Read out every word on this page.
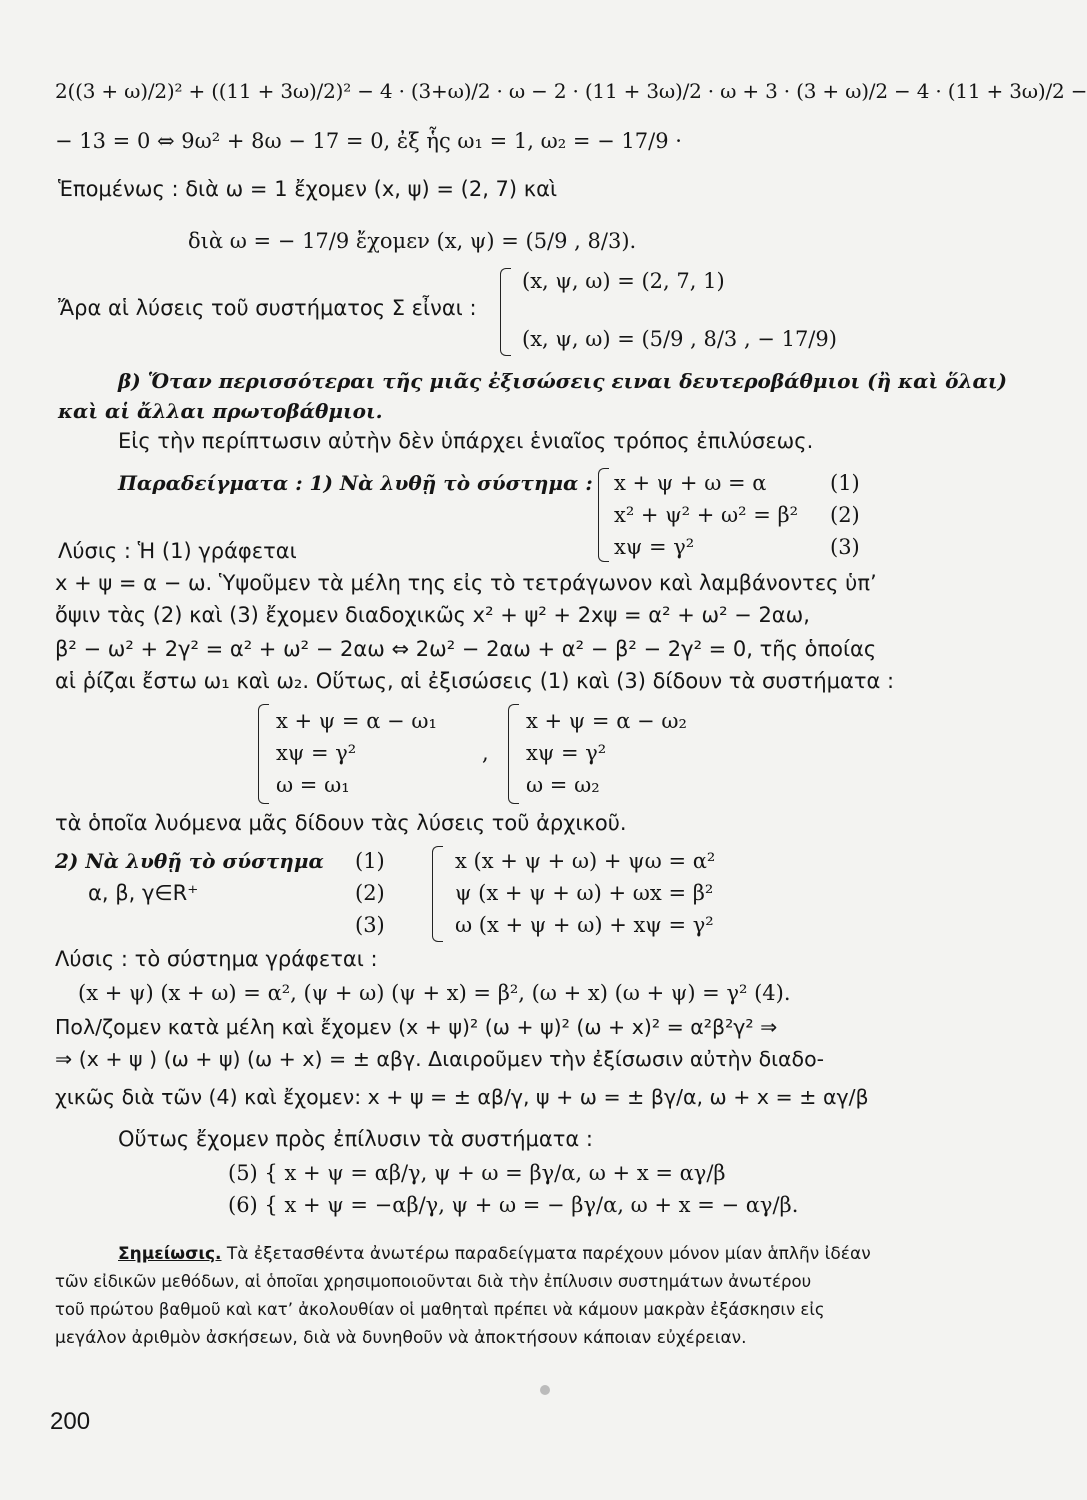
2((3 + ω)/2)² + ((11 + 3ω)/2)² − 4 · (3+ω)/2 · ω − 2 · (11 + 3ω)/2 · ω + 3 · (3 + ω)/2 − 4 · (11 + 3ω)/2 −
− 13 = 0 ⇔ 9ω² + 8ω − 17 = 0, ἐξ ἧς ω₁ = 1, ω₂ = − 17/9 ·
Ἑπομένως : διὰ ω = 1 ἔχομεν (x, ψ) = (2, 7) καὶ
διὰ ω = − 17/9 ἔχομεν (x, ψ) = (5/9 , 8/3).
Ἄρα αἱ λύσεις τοῦ συστήματος Σ εἶναι :
(x, ψ, ω) = (2, 7, 1)
(x, ψ, ω) = (5/9 , 8/3 , − 17/9)
β) Ὅταν περισσότεραι τῆς μιᾶς ἐξισώσεις ειναι δευτεροβάθμιοι (ἢ καὶ ὅλαι)
καὶ αἱ ἄλλαι πρωτοβάθμιοι.
Εἰς τὴν περίπτωσιν αὐτὴν δὲν ὑπάρχει ἑνιαῖος τρόπος ἐπιλύσεως.
Παραδείγματα : 1) Νὰ λυθῇ τὸ σύστημα : x + ψ + ω = α
x² + ψ² + ω² = β²
xψ = γ²
(1)
(2)
(3)
Λύσις : Ἡ (1) γράφεται
x + ψ = α − ω. Ὑψοῦμεν τὰ μέλη της εἰς τὸ τετράγωνον καὶ λαμβάνοντες ὑπ’
ὄψιν τὰς (2) καὶ (3) ἔχομεν διαδοχικῶς x² + ψ² + 2xψ = α² + ω² − 2αω,
β² − ω² + 2γ² = α² + ω² − 2αω ⇔ 2ω² − 2αω + α² − β² − 2γ² = 0, τῆς ὁποίας
αἱ ῥίζαι ἔστω ω₁ καὶ ω₂. Οὕτως, αἱ ἐξισώσεις (1) καὶ (3) δίδουν τὰ συστήματα :
x + ψ = α − ω₁
xψ = γ²
ω = ω₁
,
x + ψ = α − ω₂
xψ = γ²
ω = ω₂
τὰ ὁποῖα λυόμενα μᾶς δίδουν τὰς λύσεις τοῦ ἀρχικοῦ.
2) Νὰ λυθῇ τὸ σύστημα
α, β, γ∈R⁺
(1)
(2)
(3)
x (x + ψ + ω) + ψω = α²
ψ (x + ψ + ω) + ωx = β²
ω (x + ψ + ω) + xψ = γ²
Λύσις : τὸ σύστημα γράφεται :
(x + ψ) (x + ω) = α², (ψ + ω) (ψ + x) = β², (ω + x) (ω + ψ) = γ² (4).
Πολ/ζομεν κατὰ μέλη καὶ ἔχομεν (x + ψ)² (ω + ψ)² (ω + x)² = α²β²γ² ⇒
⇒ (x + ψ ) (ω + ψ) (ω + x) = ± αβγ. Διαιροῦμεν τὴν ἐξίσωσιν αὐτὴν διαδο-
χικῶς διὰ τῶν (4) καὶ ἔχομεν: x + ψ = ± αβ/γ, ψ + ω = ± βγ/α, ω + x = ± αγ/β
Οὕτως ἔχομεν πρὸς ἐπίλυσιν τὰ συστήματα :
(5) { x + ψ = αβ/γ, ψ + ω = βγ/α, ω + x = αγ/β
(6) { x + ψ = −αβ/γ, ψ + ω = − βγ/α, ω + x = − αγ/β.
Σημείωσις. Τὰ ἐξετασθέντα ἀνωτέρω παραδείγματα παρέχουν μόνον μίαν ἁπλῆν ἰδέαν
τῶν εἰδικῶν μεθόδων, αἱ ὁποῖαι χρησιμοποιοῦνται διὰ τὴν ἐπίλυσιν συστημάτων ἀνωτέρου
τοῦ πρώτου βαθμοῦ καὶ κατ’ ἀκολουθίαν οἱ μαθηταὶ πρέπει νὰ κάμουν μακρὰν ἐξάσκησιν εἰς
μεγάλον ἀριθμὸν ἀσκήσεων, διὰ νὰ δυνηθοῦν νὰ ἀποκτήσουν κάποιαν εὐχέρειαν.
200
